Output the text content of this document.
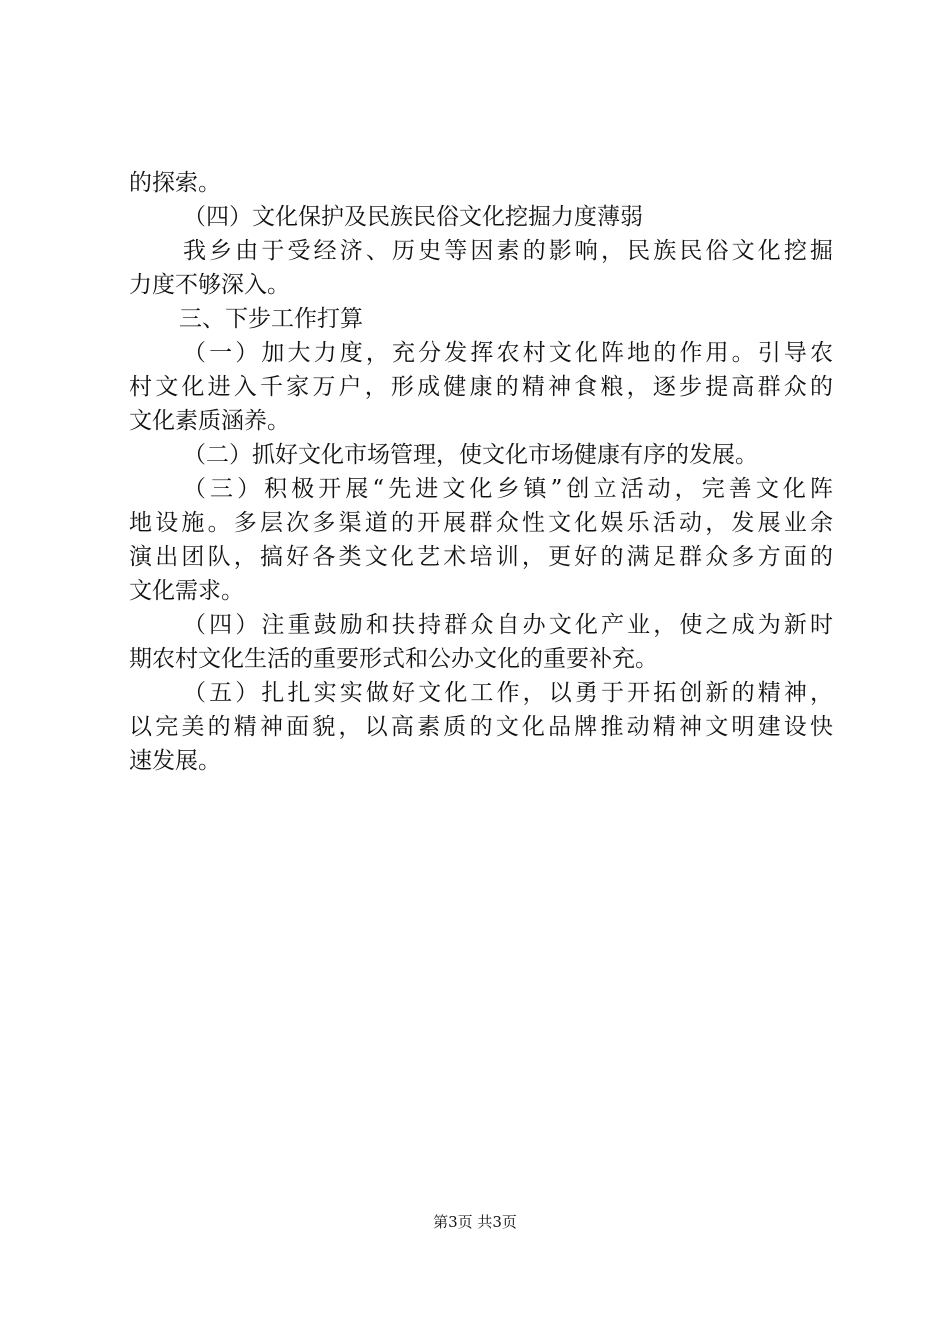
的探索。
（四）文化保护及民族民俗文化挖掘力度薄弱
我乡由于受经济、历史等因素的影响，民族民俗文化挖掘
力度不够深入。
三、下步工作打算
（一）加大力度，充分发挥农村文化阵地的作用。引导农
村文化进入千家万户，形成健康的精神食粮，逐步提高群众的
文化素质涵养。
（二）抓好文化市场管理，使文化市场健康有序的发展。
（三）积极开展“先进文化乡镇”创立活动，完善文化阵
地设施。多层次多渠道的开展群众性文化娱乐活动，发展业余
演出团队，搞好各类文化艺术培训，更好的满足群众多方面的
文化需求。
（四）注重鼓励和扶持群众自办文化产业，使之成为新时
期农村文化生活的重要形式和公办文化的重要补充。
（五）扎扎实实做好文化工作，以勇于开拓创新的精神，
以完美的精神面貌，以高素质的文化品牌推动精神文明建设快
速发展。
第3页 共3页
